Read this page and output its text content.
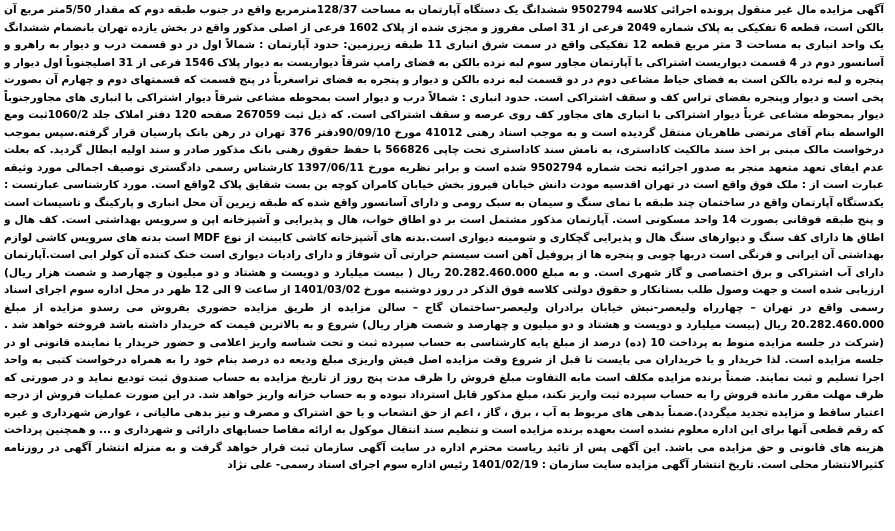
آگهی مزایده مال غیر منقول پرونده اجرائی کلاسه 9502794 ششدانگ یک دستگاه آپارتمان به مساحت 128/37مترمربع واقع در جنوب طبقه دوم که مقدار 5/50متر مربع آن بالکن است، قطعه 6 تفکیکی به پلاک شماره 2049 فرعی از 31 اصلی مفروز و مجزی شده از پلاک 1602 فرعی از اصلی مذکور واقع در بخش یازده تهران بانضمام ششدانگ یک واحد انباری به مساحت 3 متر مربع قطعه 12 تفکیکی واقع در سمت شرق انباری 11 طبقه زیرزمین: حدود آپارتمان : شمالاً اول در دو قسمت درب و دیوار به راهرو و آسانسور دوم در 4 قسمت دیواریست اشتراکی با آپارتمان مجاور سوم لبه نرده بالکن به فضای رامپ شرقاً دیواریست به دیوار پلاک 1546 فرعی از 31 اصلیجنوباً اول دیوار و پنجره و لبه نرده بالکن است به فضای حیاط مشاعی دوم در دو قسمت لبه نرده بالکن و دیوار و پنجره به فضای تراسغرباً در پنج قسمت که قسمتهای دوم و چهارم آن بصورت پخی است و دیوار وپنجره بفضای تراس کف و سقف اشتراکی است. حدود انباری : شمالاً درب و دیوار است بمحوطه مشاعی شرقاً دیوار اشتراکی با انباری های مجاورجنوباً دیوار بمحوطه مشاعی غرباً دیوار اشتراکی با انباری های مجاور کف روی عرصه و سقف اشتراکی است. که ذیل ثبت 267059 صفحه 120 دفتر املاک جلد 1060/2ثبت ومع الواسطه بنام آقای مرتضی طاهریان منتقل گردیده است و به موجب اسناد رهنی 41012 مورخ 90/09/10دفتر 376 تهران در رهن بانک پارسیان قرار گرفته.سپس بموجب درخواست مالک مبنی بر اخذ سند مالکیت کاداستری، به نامش سند کاداستری تحت چاپی 566826 با حفظ حقوق رهنی بانک مذکور صادر و سند اولیه ابطال گردید. که بعلت عدم ایفای تعهد متعهد منجر به صدور اجرائیه تحت شماره 9502794 شده است و برابر نظریه مورخ 1397/06/11 کارشناس رسمی دادگستری توصیف اجمالی مورد وثیقه عبارت است از : ملک فوق واقع است در تهران اقدسیه مودت دانش خیابان فیروز بخش خیابان کامران کوچه بن بست شقایق پلاک 2واقع است. مورد کارشناسی عبارتست : یکدستگاه آپارتمان واقع در ساختمان چند طبقه با نمای سنگ و سیمان به سبک رومی و دارای آسانسور واقع شده که طبقه زیرین آن محل انباری و پارکینگ و تاسیسات است و پنج طبقه فوقانی بصورت 14 واحد مسکونی است. آپارتمان مذکور مشتمل است بر دو اطاق خواب، هال و پذیرایی و آشپزخانه اپن و سرویس بهداشتی است. کف هال و اطاق ها دارای کف سنگ و دیوارهای سنگ هال و پذیرایی گچکاری و شومینه دیواری است.بدنه های آشپزخانه کاشی کابینت از نوع MDF است بدنه های سرویس کاشی لوازم بهداشتی آن ایرانی و فرنگی است دربها چوبی و پنجره ها از پروفیل آهن است سیستم حرارتی آن شوفاژ و دارای رادیات دیواری است خنک کننده آن کولر ابی است.آپارتمان دارای آب اشتراکی و برق اختصاصی و گاز شهری است. و به مبلغ 20.282.460.000 ریال ( بیست میلیارد و دویست و هشتاد و دو میلیون و چهارصد و شصت هزار ریال) ارزیابی شده است و جهت وصول طلب بستانکار و حقوق دولتی کلاسه فوق الذکر در روز دوشنبه مورخ 1401/03/02 از ساعت 9 الی 12 ظهر در محل اداره سوم اجرای اسناد رسمی واقع در تهران – چهارراه ولیعصر-نبش خیابان برادران ولیعصر-ساختمان گاج – سالن مزایده از طریق مزایده حضوری بفروش می رسدو مزایده از مبلغ 20.282.460.000 ریال (بیست میلیارد و دویست و هشتاد و دو میلیون و چهارصد و شصت هزار ریال) شروع و به بالاترین قیمت که خریدار داشته باشد فروخته خواهد شد . (شرکت در جلسه مزایده منوط به پرداخت 10 (ده) درصد از مبلغ پایه کارشناسی به حساب سپرده ثبت و تحت شناسه واریز اعلامی و حضور خریدار یا نماینده قانونی او در جلسه مزایده است. لذا خریدار و یا خریداران می بایست تا قبل از شروع وقت مزایده اصل فیش واریزی مبلغ ودیعه ده درصد بنام خود را به همراه درخواست کتبی به واحد اجرا تسلیم و ثبت نمایند. ضمناً برنده مزایده مکلف است مابه التفاوت مبلغ فروش را ظرف مدت پنج روز از تاریخ مزایده به حساب صندوق ثبت تودیع نماید و در صورتی که ظرف مهلت مقرر مانده فروش را به حساب سپرده ثبت واریز نکند، مبلغ مذکور قابل استرداد نبوده و به حساب خزانه واریز خواهد شد. در این صورت عملیات فروش از درجه اعتبار ساقط و مزایده تجدید میگردد).ضمناً بدهی های مربوط به آب ، برق ، گاز ، اعم از حق انشعاب و یا حق اشتراک و مصرف و نیز بدهی مالیاتی ، عوارض شهرداری و غیره که رقم قطعی آنها برای این اداره معلوم نشده است بعهده برنده مزایده است و تنظیم سند انتقال موکول به ارائه مفاصا حسابهای دارائی و شهرداری و ... و همچنین پرداخت هزینه های قانونی و حق مزایده می باشد. این آگهی پس از تائید ریاست محترم اداره در سایت آگهی سازمان ثبت قرار خواهد گرفت و به منزله انتشار آگهی در روزنامه کثیرالانتشار محلی است. تاریخ انتشار آگهی مزایده سایت سازمان : 1401/02/19 رئیس اداره سوم اجرای اسناد رسمی- علی نژاد
